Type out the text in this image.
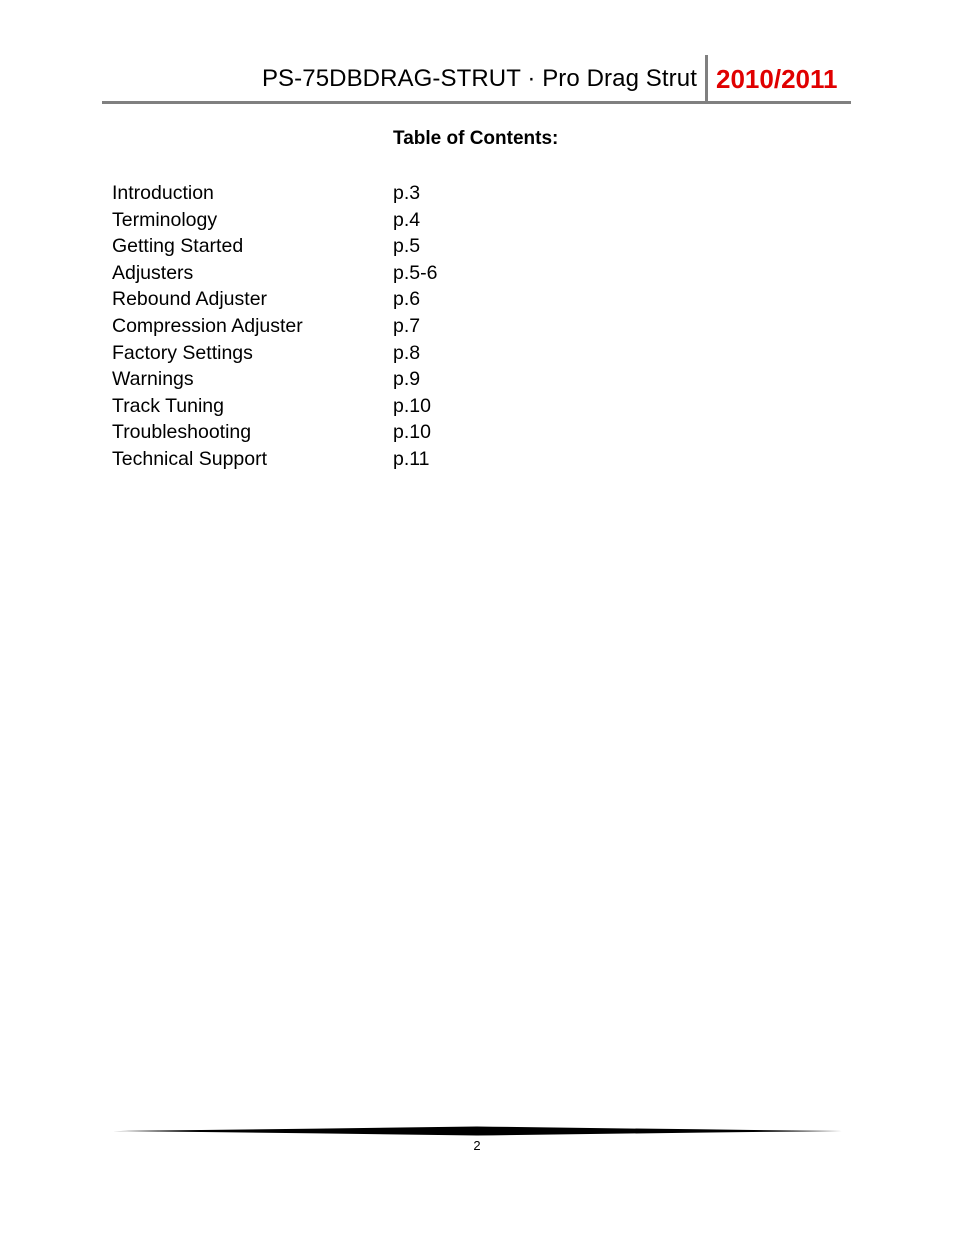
PS-75DBDRAG-STRUT · Pro Drag Strut 2010/2011
Table of Contents:
Introduction	p.3
Terminology	p.4
Getting Started	p.5
Adjusters	p.5-6
Rebound Adjuster	p.6
Compression Adjuster	p.7
Factory Settings	p.8
Warnings	p.9
Track Tuning	p.10
Troubleshooting	p.10
Technical Support	p.11
2
